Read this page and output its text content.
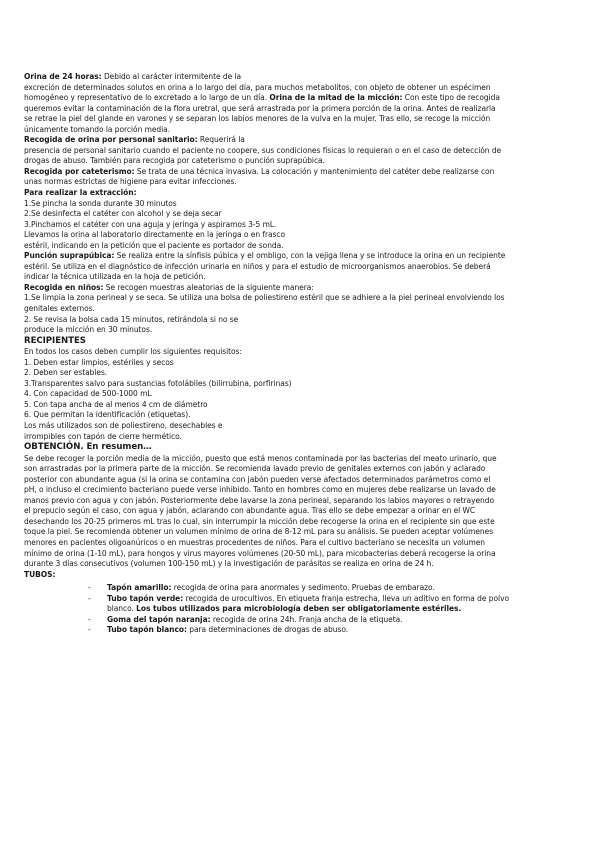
Orina de 24 horas: Debido al carácter intermitente de la
excreción de determinados solutos en orina a lo largo del día, para muchos metabolitos, con objeto de obtener un espécimen
homogéneo y representativo de lo excretado a lo largo de un día. Orina de la mitad de la micción: Con este tipo de recogida
queremos evitar la contaminación de la flora uretral, que será arrastrada por la primera porción de la orina. Antes de realizarla
se retrae la piel del glande en varones y se separan los labios menores de la vulva en la mujer. Tras ello, se recoge la micción
únicamente tomando la porción media.
Recogida de orina por personal sanitario: Requerirá la
presencia de personal sanitario cuando el paciente no coopere, sus condiciones físicas lo requieran o en el caso de detección de
drogas de abuso. También para recogida por cateterismo o punción suprapúbica.
Recogida por cateterismo: Se trata de una técnica invasiva. La colocación y mantenimiento del catéter debe realizarse con
unas normas estrictas de higiene para evitar infecciones.
Para realizar la extracción:
1.Se pincha la sonda durante 30 minutos
2.Se desinfecta el catéter con alcohol y se deja secar
3.Pinchamos el catéter con una aguja y jeringa y aspiramos 3-5 mL.
Llevamos la orina al laboratorio directamente en la jeringa o en frasco
estéril, indicando en la petición que el paciente es portador de sonda.
Punción suprapúbica: Se realiza entre la sínfisis púbica y el ombligo, con la vejiga llena y se introduce la orina en un recipiente
estéril. Se utiliza en el diagnóstico de infección urinaria en niños y para el estudio de microorganismos anaerobios. Se deberá
indicar la técnica utilizada en la hoja de petición.
Recogida en niños: Se recogen muestras aleatorias de la siguiente manera:
1.Se limpia la zona perineal y se seca. Se utiliza una bolsa de poliestireno estéril que se adhiere a la piel perineal envolviendo los
genitales externos.
2. Se revisa la bolsa cada 15 minutos, retirándola si no se
produce la micción en 30 minutos.
RECIPIENTES
En todos los casos deben cumplir los siguientes requisitos:
1. Deben estar limpios, estériles y secos
2. Deben ser estables.
3.Transparentes salvo para sustancias fotolábiles (bilirrubina, porfirinas)
4. Con capacidad de 500-1000 mL
5. Con tapa ancha de al menos 4 cm de diámetro
6. Que permitan la identificación (etiquetas).
Los más utilizados son de poliestireno, desechables e
irrompibles con tapón de cierre hermético.
OBTENCIÓN. En resumen…
Se debe recoger la porción media de la micción, puesto que está menos contaminada por las bacterias del meato urinario, que
son arrastradas por la primera parte de la micción. Se recomienda lavado previo de genitales externos con jabón y aclarado
posterior con abundante agua (si la orina se contamina con jabón pueden verse afectados determinados parámetros como el
pH, o incluso el crecimiento bacteriano puede verse inhibido. Tanto en hombres como en mujeres debe realizarse un lavado de
manos previo con agua y con jabón. Posteriormente debe lavarse la zona perineal, separando los labios mayores o retrayendo
el prepucio según el caso, con agua y jabón, aclarando con abundante agua. Tras ello se debe empezar a orinar en el WC
desechando los 20-25 primeros mL tras lo cual, sin interrumpir la micción debe recogerse la orina en el recipiente sin que este
toque la piel. Se recomienda obtener un volumen mínimo de orina de 8-12 mL para su análisis. Se pueden aceptar volúmenes
menores en pacientes oligoanúricos o en muestras procedentes de niños. Para el cultivo bacteriano se necesita un volumen
mínimo de orina (1-10 mL), para hongos y virus mayores volúmenes (20-50 mL), para micobacterias deberá recogerse la orina
durante 3 días consecutivos (volumen 100-150 mL) y la investigación de parásitos se realiza en orina de 24 h.
TUBOS:
- Tapón amarillo: recogida de orina para anormales y sedimento. Pruebas de embarazo.
- Tubo tapón verde: recogida de urocultivos. En etiqueta franja estrecha, lleva un aditivo en forma de polvo
blanco. Los tubos utilizados para microbiología deben ser obligatoriamente estériles.
- Goma del tapón naranja: recogida de orina 24h. Franja ancha de la etiqueta.
- Tubo tapón blanco: para determinaciones de drogas de abuso.
